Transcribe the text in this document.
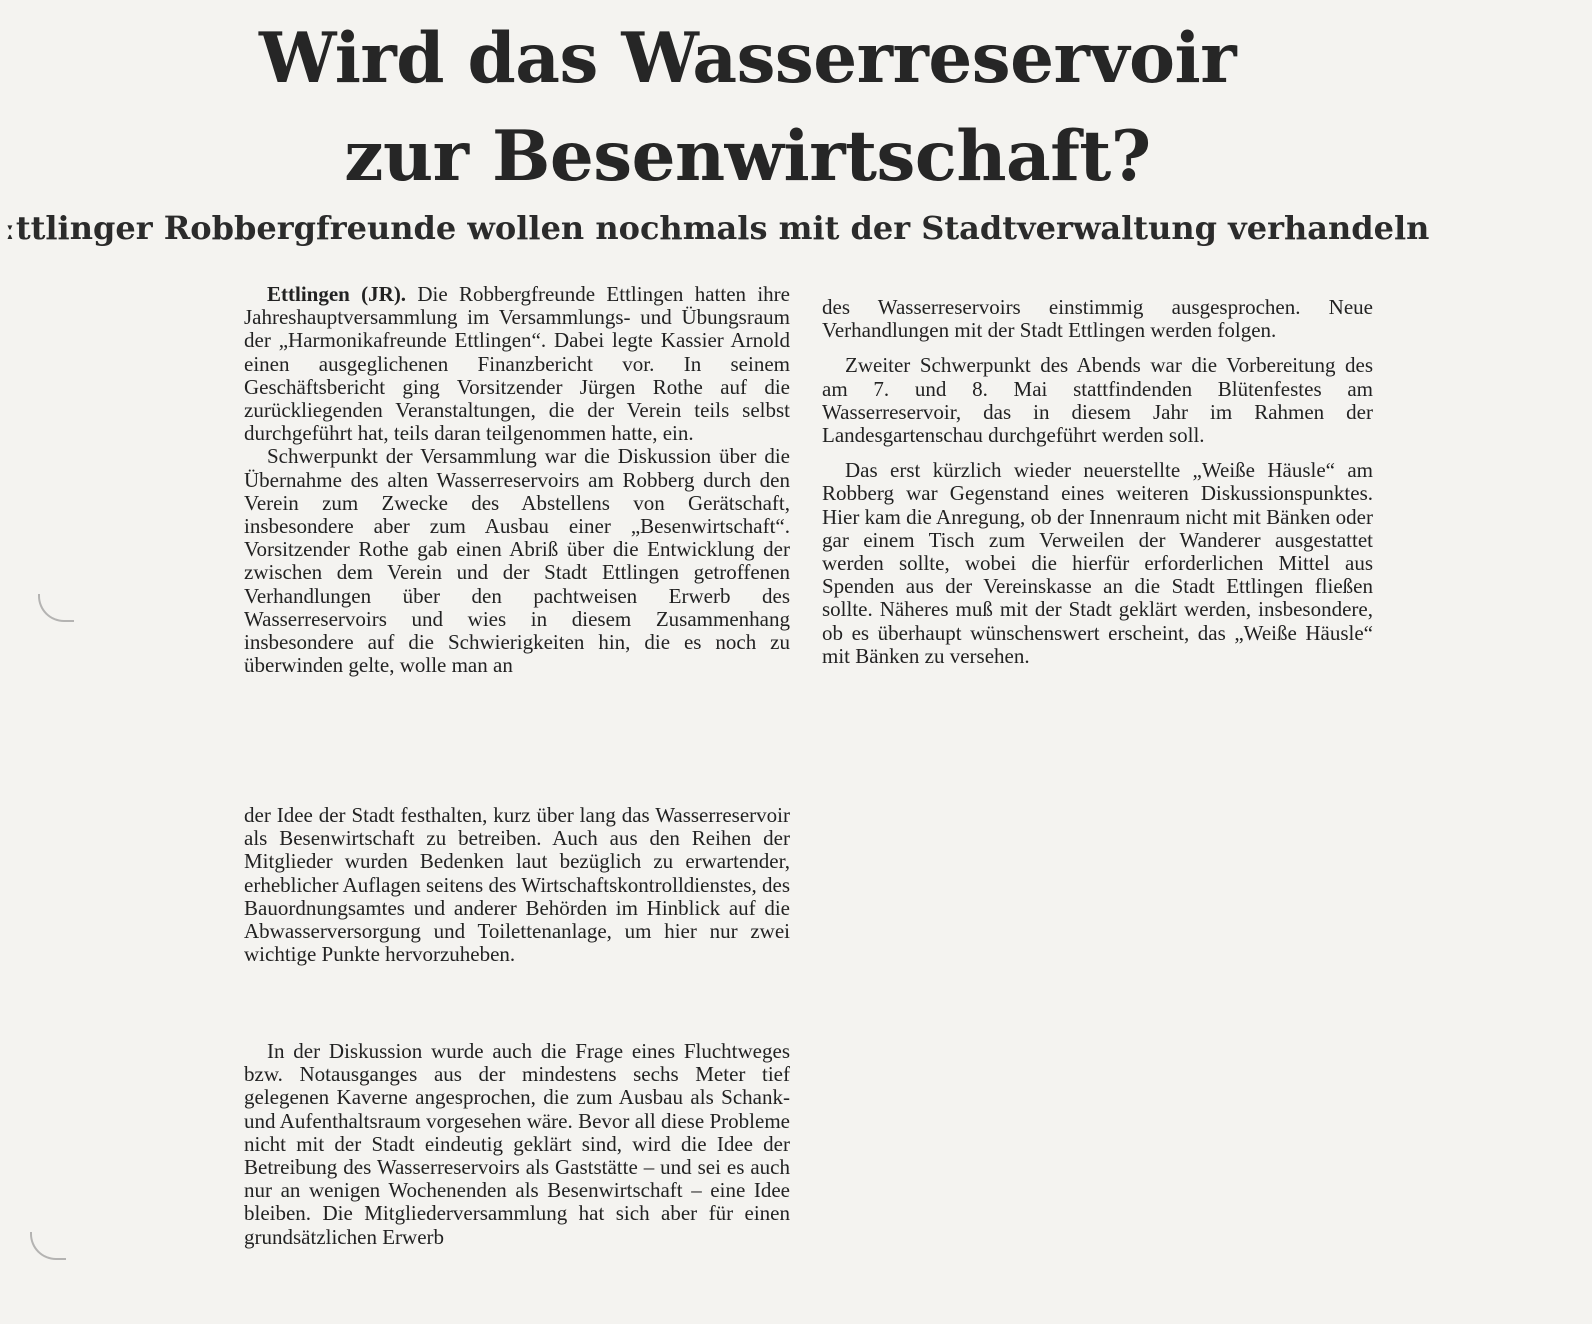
Wird das Wasserreservoir
zur Besenwirtschaft?
ːttlinger Robbergfreunde wollen nochmals mit der Stadtverwaltung verhandeln

Ettlingen (JR). Die Robbergfreunde Ettlingen hatten ihre Jahreshauptversammlung im Versammlungs- und Übungsraum der „Harmonikafreunde Ettlingen“. Dabei legte Kassier Arnold einen ausgeglichenen Finanzbericht vor. In seinem Geschäftsbericht ging Vorsitzender Jürgen Rothe auf die zurückliegenden Veranstaltungen, die der Verein teils selbst durchgeführt hat, teils daran teilgenommen hatte, ein.

Schwerpunkt der Versammlung war die Diskussion über die Übernahme des alten Wasserreservoirs am Robberg durch den Verein zum Zwecke des Abstellens von Gerätschaft, insbesondere aber zum Ausbau einer „Besenwirtschaft“. Vorsitzender Rothe gab einen Abriß über die Entwicklung der zwischen dem Verein und der Stadt Ettlingen getroffenen Verhandlungen über den pachtweisen Erwerb des Wasserreservoirs und wies in diesem Zusammenhang insbesondere auf die Schwierigkeiten hin, die es noch zu überwinden gelte, wolle man an

der Idee der Stadt festhalten, kurz über lang das Wasserreservoir als Besenwirtschaft zu betreiben. Auch aus den Reihen der Mitglieder wurden Bedenken laut bezüglich zu erwartender, erheblicher Auflagen seitens des Wirtschaftskontrolldienstes, des Bauordnungsamtes und anderer Behörden im Hinblick auf die Abwasserversorgung und Toilettenanlage, um hier nur zwei wichtige Punkte hervorzuheben.

In der Diskussion wurde auch die Frage eines Fluchtweges bzw. Notausganges aus der mindestens sechs Meter tief gelegenen Kaverne angesprochen, die zum Ausbau als Schank- und Aufenthaltsraum vorgesehen wäre. Bevor all diese Probleme nicht mit der Stadt eindeutig geklärt sind, wird die Idee der Betreibung des Wasserreservoirs als Gaststätte – und sei es auch nur an wenigen Wochenenden als Besenwirtschaft – eine Idee bleiben. Die Mitgliederversammlung hat sich aber für einen grundsätzlichen Erwerb

des Wasserreservoirs einstimmig ausgesprochen. Neue Verhandlungen mit der Stadt Ettlingen werden folgen.

Zweiter Schwerpunkt des Abends war die Vorbereitung des am 7. und 8. Mai stattfindenden Blütenfestes am Wasserreservoir, das in diesem Jahr im Rahmen der Landesgartenschau durchgeführt werden soll.

Das erst kürzlich wieder neuerstellte „Weiße Häusle“ am Robberg war Gegenstand eines weiteren Diskussionspunktes. Hier kam die Anregung, ob der Innenraum nicht mit Bänken oder gar einem Tisch zum Verweilen der Wanderer ausgestattet werden sollte, wobei die hierfür erforderlichen Mittel aus Spenden aus der Vereinskasse an die Stadt Ettlingen fließen sollte. Näheres muß mit der Stadt geklärt werden, insbesondere, ob es überhaupt wünschenswert erscheint, das „Weiße Häusle“ mit Bänken zu versehen.
